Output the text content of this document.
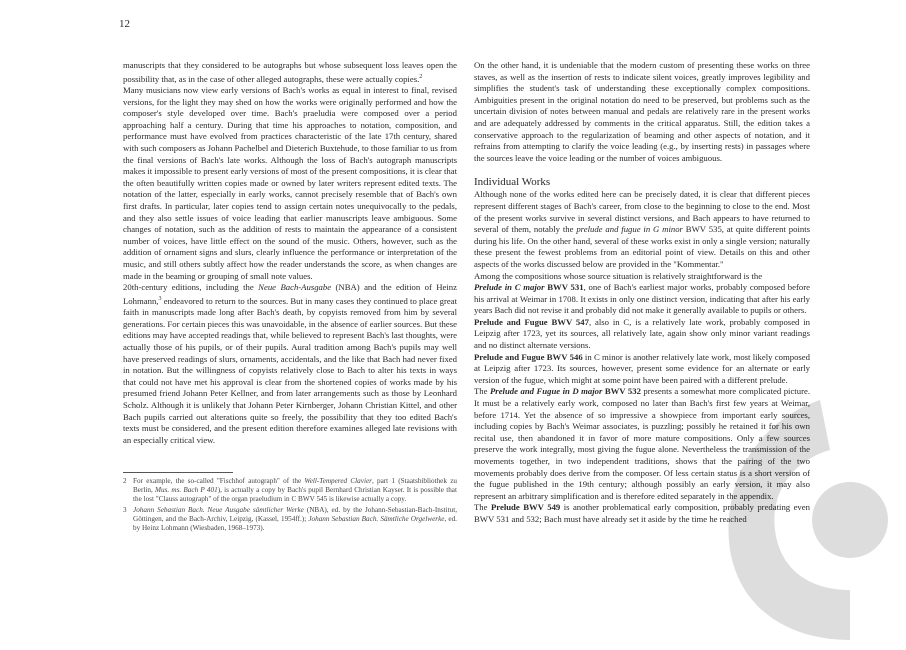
12

manuscripts that they considered to be autographs but whose subsequent loss leaves open the possibility that, as in the case of other alleged autographs, these were actually copies.$^2$

Many musicians now view early versions of Bach's works as equal in interest to final, revised versions, for the light they may shed on how the works were originally performed and how the composer's style developed over time. Bach's praeludia were composed over a period approaching half a century. During that time his approaches to notation, composition, and performance must have evolved from practices characteristic of the late 17th century, shared with such composers as Johann Pachelbel and Dieterich Buxtehude, to those familiar to us from the final versions of Bach's late works. Although the loss of Bach's autograph manuscripts makes it impossible to present early versions of most of the present compositions, it is clear that the often beautifully written copies made or owned by later writers represent edited texts. The notation of the latter, especially in early works, cannot precisely resemble that of Bach's own first drafts. In particular, later copies tend to assign certain notes unequivocally to the pedals, and they also settle issues of voice leading that earlier manuscripts leave ambiguous. Some changes of notation, such as the addition of rests to maintain the appearance of a consistent number of voices, have little effect on the sound of the music. Others, however, such as the addition of ornament signs and slurs, clearly influence the performance or interpretation of the music, and still others subtly affect how the reader understands the score, as when changes are made in the beaming or grouping of small note values.

20th-century editions, including the Neue Bach-Ausgabe (NBA) and the edition of Heinz Lohmann,$^3$ endeavored to return to the sources. But in many cases they continued to place great faith in manuscripts made long after Bach's death, by copyists removed from him by several generations. For certain pieces this was unavoidable, in the absence of earlier sources. But these editions may have accepted readings that, while believed to represent Bach's last thoughts, were actually those of his pupils, or of their pupils. Aural tradition among Bach's pupils may well have preserved readings of slurs, ornaments, accidentals, and the like that Bach had never fixed in notation. But the willingness of copyists relatively close to Bach to alter his texts in ways that could not have met his approval is clear from the shortened copies of works made by his presumed friend Johann Peter Kellner, and from later arrangements such as those by Leonhard Scholz. Although it is unlikely that Johann Peter Kirnberger, Johann Christian Kittel, and other Bach pupils carried out alterations quite so freely, the possibility that they too edited Bach's texts must be considered, and the present edition therefore examines alleged late revisions with an especially critical view.

2 For example, the so-called "Fischhof autograph" of the Well-Tempered Clavier, part 1 (Staatsbibliothek zu Berlin, Mus. ms. Bach P 401), is actually a copy by Bach's pupil Bernhard Christian Kayser. It is possible that the lost "Clauss autograph" of the organ praeludium in C BWV 545 is likewise actually a copy.
3 Johann Sebastian Bach. Neue Ausgabe sämtlicher Werke (NBA), ed. by the Johann-Sebastian-Bach-Institut, Göttingen, and the Bach-Archiv, Leipzig, (Kassel, 1954ff.); Johann Sebastian Bach. Sämtliche Orgelwerke, ed. by Heinz Lohmann (Wiesbaden, 1968–1973).

On the other hand, it is undeniable that the modern custom of presenting these works on three staves, as well as the insertion of rests to indicate silent voices, greatly improves legibility and simplifies the student's task of understanding these exceptionally complex compositions. Ambiguities present in the original notation do need to be preserved, but problems such as the uncertain division of notes between manual and pedals are relatively rare in the present works and are adequately addressed by comments in the critical apparatus. Still, the edition takes a conservative approach to the regularization of beaming and other aspects of notation, and it refrains from attempting to clarify the voice leading (e.g., by inserting rests) in passages where the sources leave the voice leading or the number of voices ambiguous.

Individual Works

Although none of the works edited here can be precisely dated, it is clear that different pieces represent different stages of Bach's career, from close to the beginning to close to the end. Most of the present works survive in several distinct versions, and Bach appears to have returned to several of them, notably the prelude and fugue in G minor BWV 535, at quite different points during his life. On the other hand, several of these works exist in only a single version; naturally these present the fewest problems from an editorial point of view. Details on this and other aspects of the works discussed below are provided in the "Kommentar."

Among the compositions whose source situation is relatively straightforward is the
Prelude in C major BWV 531, one of Bach's earliest major works, probably composed before his arrival at Weimar in 1708. It exists in only one distinct version, indicating that after his early years Bach did not revise it and probably did not make it generally available to pupils or others.

Prelude and Fugue BWV 547, also in C, is a relatively late work, probably composed in Leipzig after 1723, yet its sources, all relatively late, again show only minor variant readings and no distinct alternate versions.

Prelude and Fugue BWV 546 in C minor is another relatively late work, most likely composed at Leipzig after 1723. Its sources, however, present some evidence for an alternate or early version of the fugue, which might at some point have been paired with a different prelude.

The Prelude and Fugue in D major BWV 532 presents a somewhat more complicated picture. It must be a relatively early work, composed no later than Bach's first few years at Weimar, before 1714. Yet the absence of so impressive a showpiece from important early sources, including copies by Bach's Weimar associates, is puzzling; possibly he retained it for his own recital use, then abandoned it in favor of more mature compositions. Only a few sources preserve the work integrally, most giving the fugue alone. Nevertheless the transmission of the movements together, in two independent traditions, shows that the pairing of the two movements probably does derive from the composer. Of less certain status is a short version of the fugue published in the 19th century; although possibly an early version, it may also represent an arbitrary simplification and is therefore edited separately in the appendix.

The Prelude BWV 549 is another problematical early composition, probably predating even BWV 531 and 532; Bach must have already set it aside by the time he reached
